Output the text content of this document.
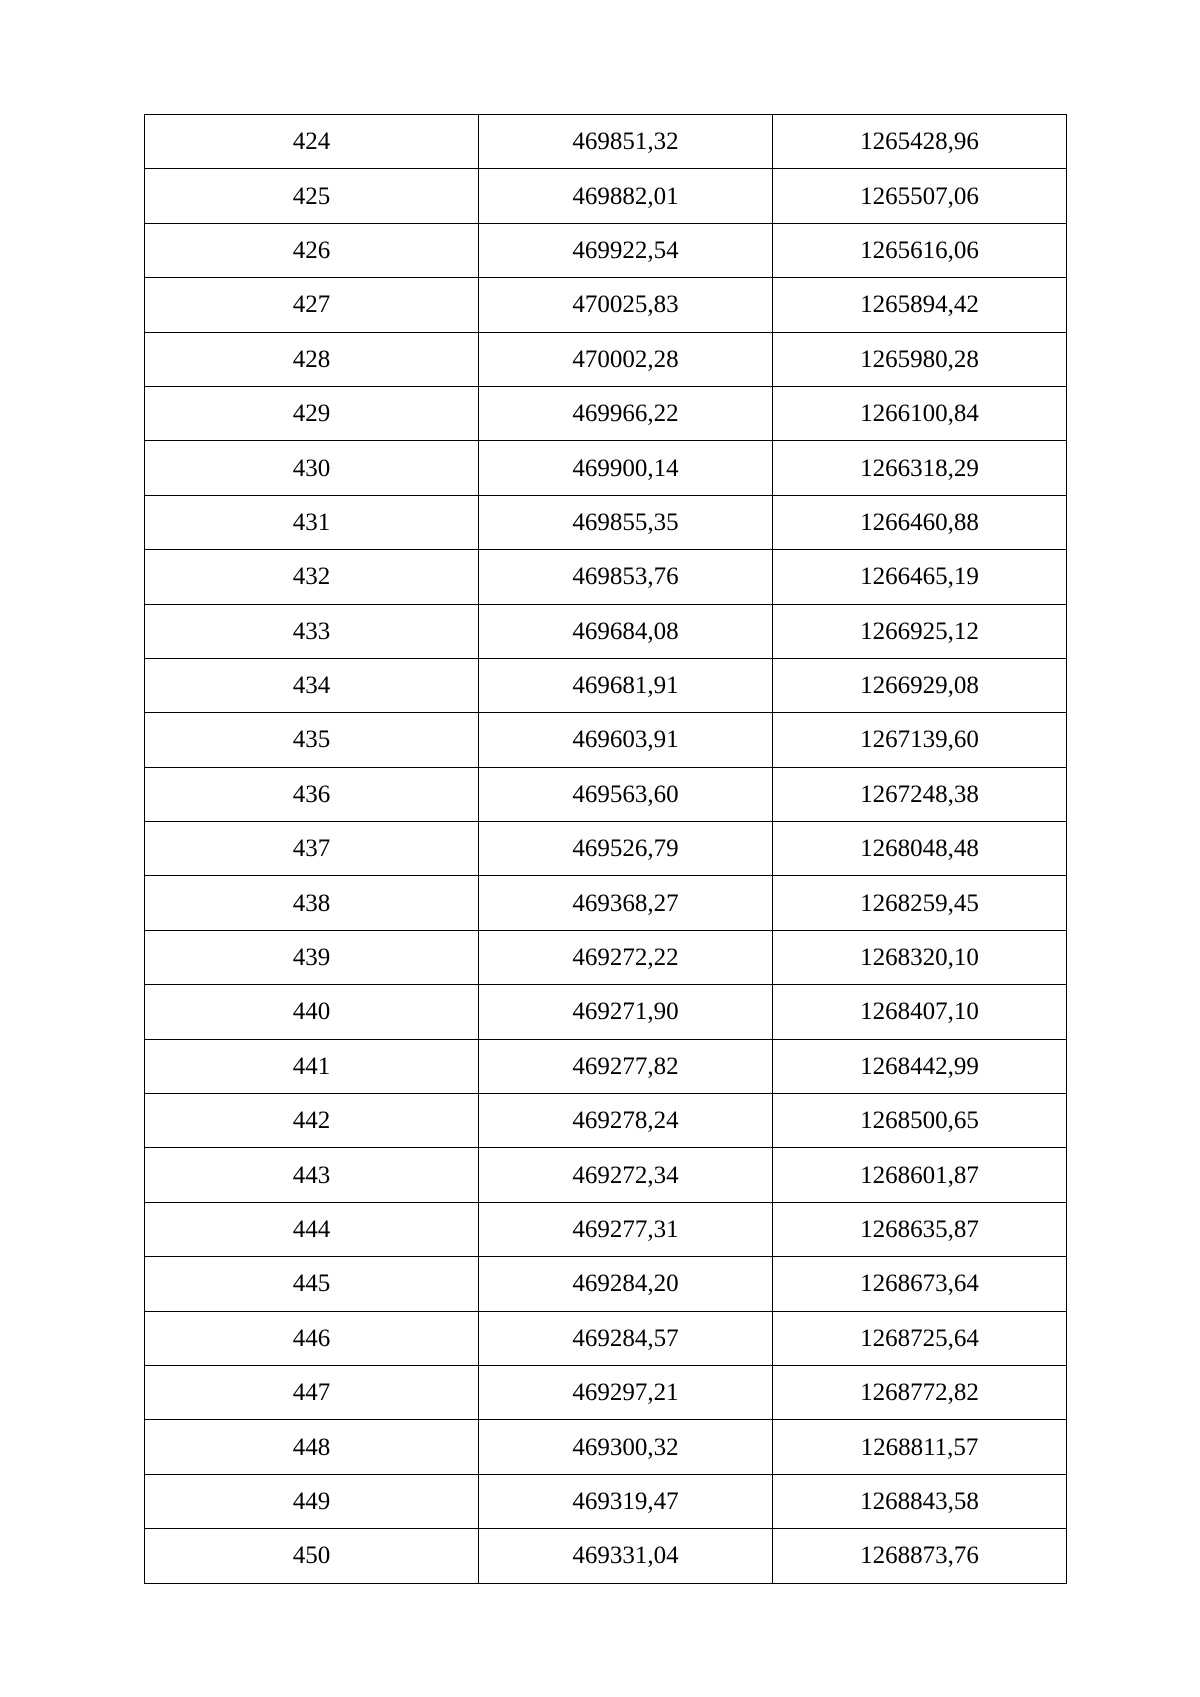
424	469851,32	1265428,96
425	469882,01	1265507,06
426	469922,54	1265616,06
427	470025,83	1265894,42
428	470002,28	1265980,28
429	469966,22	1266100,84
430	469900,14	1266318,29
431	469855,35	1266460,88
432	469853,76	1266465,19
433	469684,08	1266925,12
434	469681,91	1266929,08
435	469603,91	1267139,60
436	469563,60	1267248,38
437	469526,79	1268048,48
438	469368,27	1268259,45
439	469272,22	1268320,10
440	469271,90	1268407,10
441	469277,82	1268442,99
442	469278,24	1268500,65
443	469272,34	1268601,87
444	469277,31	1268635,87
445	469284,20	1268673,64
446	469284,57	1268725,64
447	469297,21	1268772,82
448	469300,32	1268811,57
449	469319,47	1268843,58
450	469331,04	1268873,76
